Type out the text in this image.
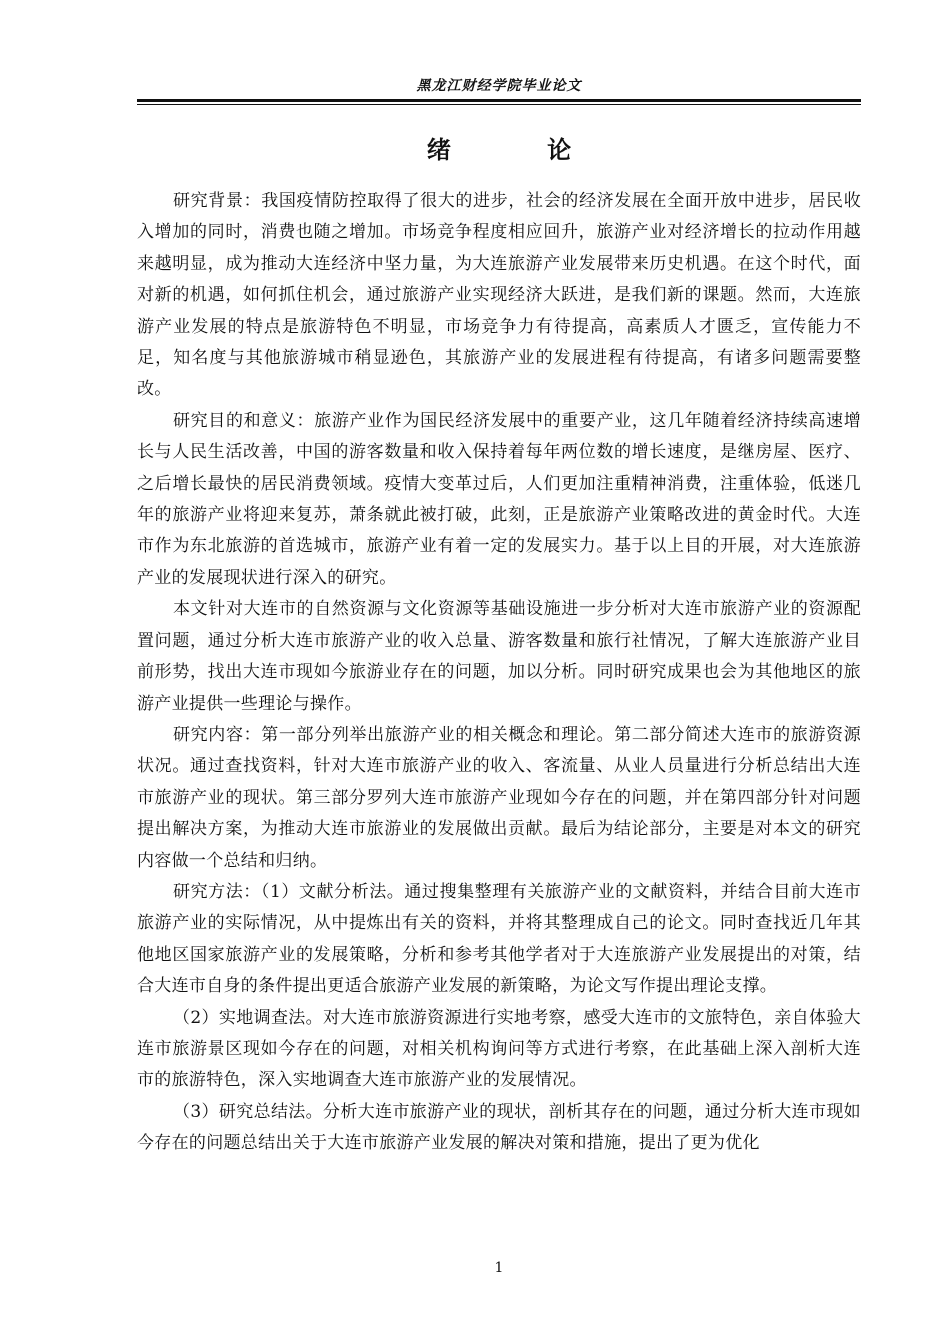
黑龙江财经学院毕业论文
绪 论

研究背景：我国疫情防控取得了很大的进步，社会的经济发展在全面开放中进步，居民收入增加的同时，消费也随之增加。市场竞争程度相应回升，旅游产业对经济增长的拉动作用越来越明显，成为推动大连经济中坚力量，为大连旅游产业发展带来历史机遇。在这个时代，面对新的机遇，如何抓住机会，通过旅游产业实现经济大跃进，是我们新的课题。然而，大连旅游产业发展的特点是旅游特色不明显，市场竞争力有待提高，高素质人才匮乏，宣传能力不足，知名度与其他旅游城市稍显逊色，其旅游产业的发展进程有待提高，有诸多问题需要整改。

研究目的和意义：旅游产业作为国民经济发展中的重要产业，这几年随着经济持续高速增长与人民生活改善，中国的游客数量和收入保持着每年两位数的增长速度，是继房屋、医疗、之后增长最快的居民消费领域。疫情大变革过后，人们更加注重精神消费，注重体验，低迷几年的旅游产业将迎来复苏，萧条就此被打破，此刻，正是旅游产业策略改进的黄金时代。大连市作为东北旅游的首选城市，旅游产业有着一定的发展实力。基于以上目的开展，对大连旅游产业的发展现状进行深入的研究。

本文针对大连市的自然资源与文化资源等基础设施进一步分析对大连市旅游产业的资源配置问题，通过分析大连市旅游产业的收入总量、游客数量和旅行社情况，了解大连旅游产业目前形势，找出大连市现如今旅游业存在的问题，加以分析。同时研究成果也会为其他地区的旅游产业提供一些理论与操作。

研究内容：第一部分列举出旅游产业的相关概念和理论。第二部分简述大连市的旅游资源状况。通过查找资料，针对大连市旅游产业的收入、客流量、从业人员量进行分析总结出大连市旅游产业的现状。第三部分罗列大连市旅游产业现如今存在的问题，并在第四部分针对问题提出解决方案，为推动大连市旅游业的发展做出贡献。最后为结论部分，主要是对本文的研究内容做一个总结和归纳。

研究方法：（1）文献分析法。通过搜集整理有关旅游产业的文献资料，并结合目前大连市旅游产业的实际情况，从中提炼出有关的资料，并将其整理成自己的论文。同时查找近几年其他地区国家旅游产业的发展策略，分析和参考其他学者对于大连旅游产业发展提出的对策，结合大连市自身的条件提出更适合旅游产业发展的新策略，为论文写作提出理论支撑。

（2）实地调查法。对大连市旅游资源进行实地考察，感受大连市的文旅特色，亲自体验大连市旅游景区现如今存在的问题，对相关机构询问等方式进行考察，在此基础上深入剖析大连市的旅游特色，深入实地调查大连市旅游产业的发展情况。

（3）研究总结法。分析大连市旅游产业的现状，剖析其存在的问题，通过分析大连市现如今存在的问题总结出关于大连市旅游产业发展的解决对策和措施，提出了更为优化

1
